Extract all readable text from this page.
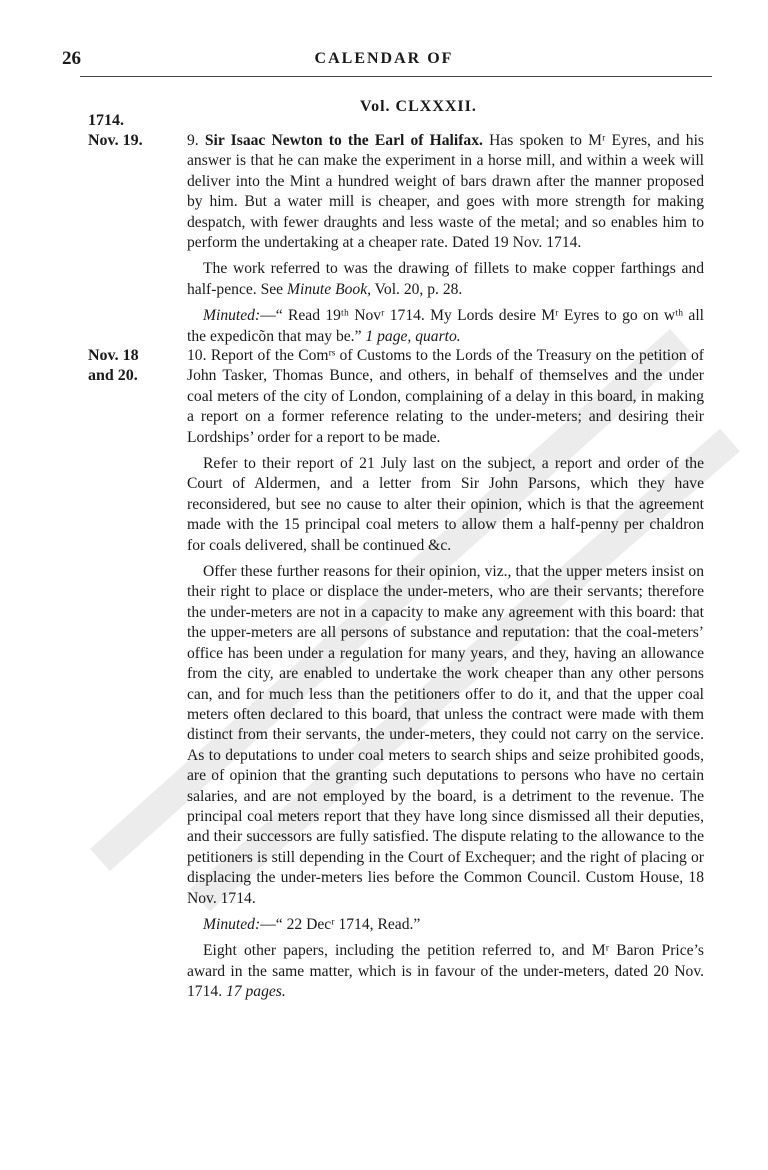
26	CALENDAR OF
Vol. CLXXXII.
1714.
Nov. 19.	9. Sir Isaac Newton to the Earl of Halifax. Has spoken to Mʳ Eyres, and his answer is that he can make the experiment in a horse mill, and within a week will deliver into the Mint a hundred weight of bars drawn after the manner proposed by him. But a water mill is cheaper, and goes with more strength for making despatch, with fewer draughts and less waste of the metal; and so enables him to perform the undertaking at a cheaper rate. Dated 19 Nov. 1714.

The work referred to was the drawing of fillets to make copper farthings and half-pence. See Minute Book, Vol. 20, p. 28.

Minuted:—“ Read 19ᵗʰ Novʳ 1714. My Lords desire Mʳ Eyres to go on wᵗʰ all the expedicõn that may be.” 1 page, quarto.

Nov. 18
and 20.

10. Report of the Comʳˢ of Customs to the Lords of the Treasury on the petition of John Tasker, Thomas Bunce, and others, in behalf of themselves and the under coal meters of the city of London, complaining of a delay in this board, in making a report on a former reference relating to the under-meters; and desiring their Lordships’ order for a report to be made.

Refer to their report of 21 July last on the subject, a report and order of the Court of Aldermen, and a letter from Sir John Parsons, which they have reconsidered, but see no cause to alter their opinion, which is that the agreement made with the 15 principal coal meters to allow them a half-penny per chaldron for coals delivered, shall be continued &c.

Offer these further reasons for their opinion, viz., that the upper meters insist on their right to place or displace the under-meters, who are their servants; therefore the under-meters are not in a capacity to make any agreement with this board: that the upper-meters are all persons of substance and reputation: that the coal-meters’ office has been under a regulation for many years, and they, having an allowance from the city, are enabled to undertake the work cheaper than any other persons can, and for much less than the petitioners offer to do it, and that the upper coal meters often declared to this board, that unless the contract were made with them distinct from their servants, the under-meters, they could not carry on the service. As to deputations to under coal meters to search ships and seize prohibited goods, are of opinion that the granting such deputations to persons who have no certain salaries, and are not employed by the board, is a detriment to the revenue. The principal coal meters report that they have long since dismissed all their deputies, and their successors are fully satisfied. The dispute relating to the allowance to the petitioners is still depending in the Court of Exchequer; and the right of placing or displacing the under-meters lies before the Common Council. Custom House, 18 Nov. 1714.

Minuted:—“ 22 Decʳ 1714, Read.”

Eight other papers, including the petition referred to, and Mʳ Baron Price’s award in the same matter, which is in favour of the under-meters, dated 20 Nov. 1714. 17 pages.
